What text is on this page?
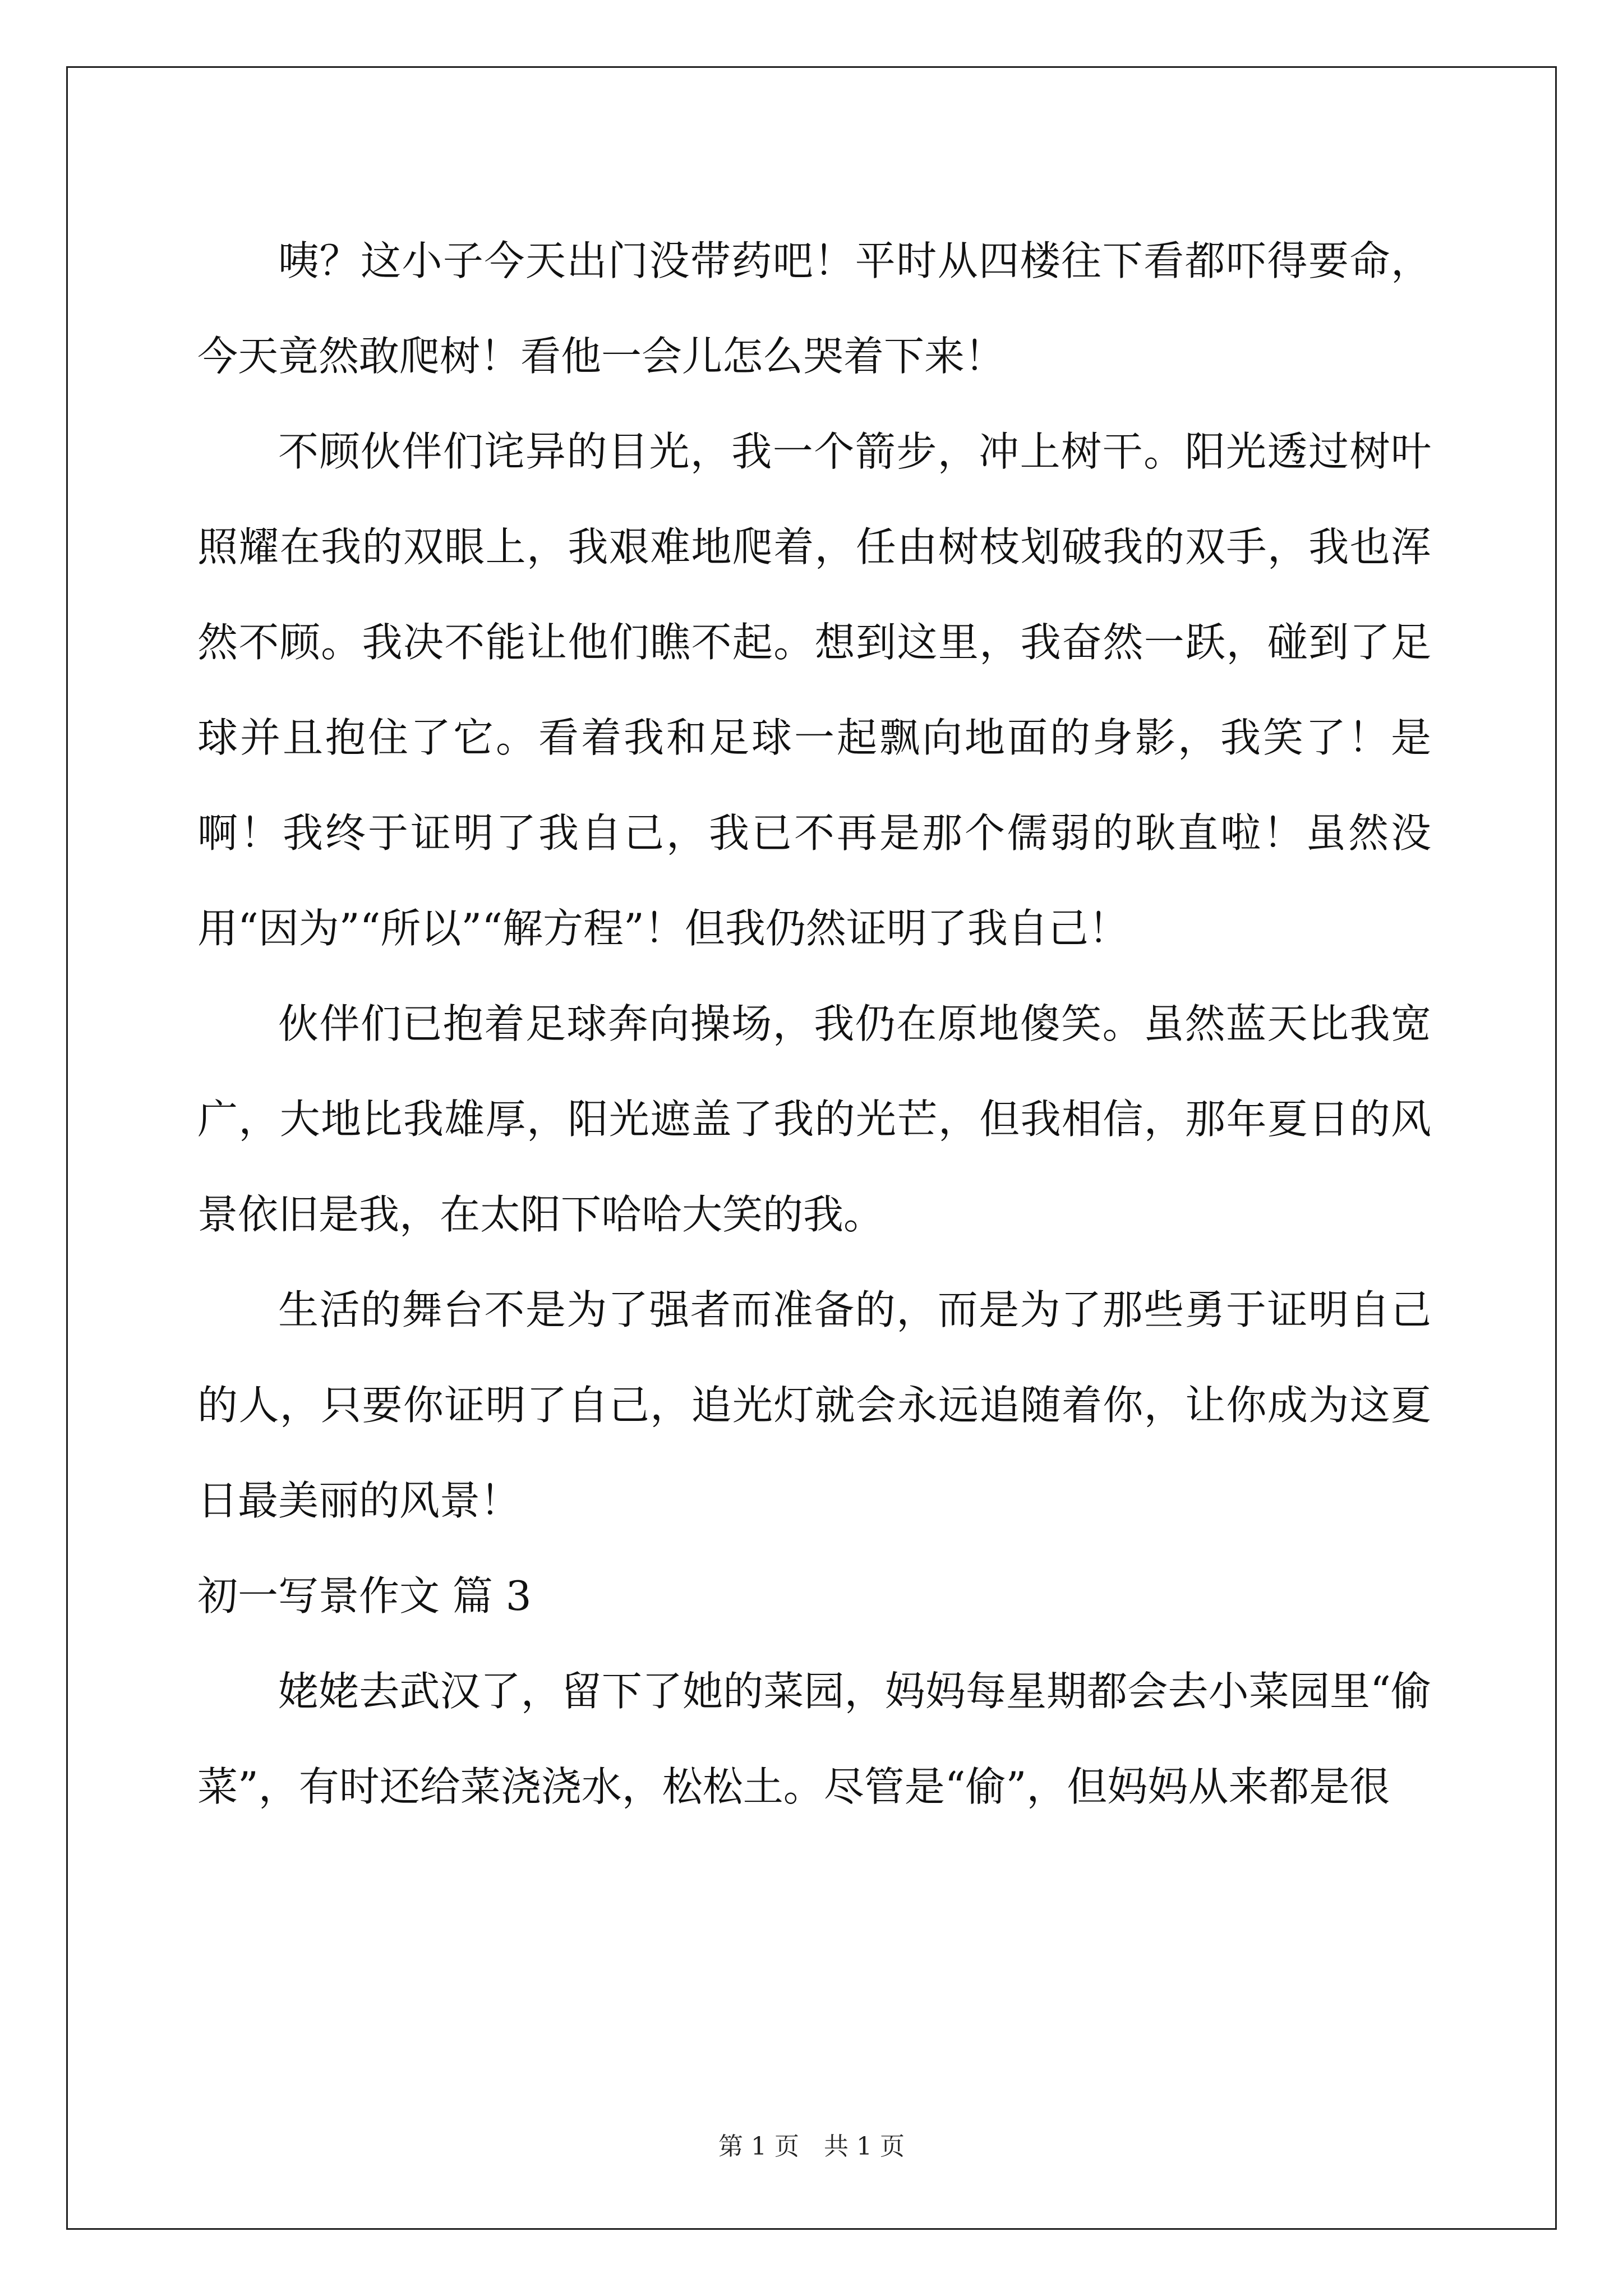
咦？这小子今天出门没带药吧！平时从四楼往下看都吓得要命，今天竟然敢爬树！看他一会儿怎么哭着下来！

不顾伙伴们诧异的目光，我一个箭步，冲上树干。阳光透过树叶照耀在我的双眼上，我艰难地爬着，任由树枝划破我的双手，我也浑然不顾。我决不能让他们瞧不起。想到这里，我奋然一跃，碰到了足球并且抱住了它。看着我和足球一起飘向地面的身影，我笑了！是啊！我终于证明了我自己，我已不再是那个儒弱的耿直啦！虽然没用“因为”“所以”“解方程”！但我仍然证明了我自己！

伙伴们已抱着足球奔向操场，我仍在原地傻笑。虽然蓝天比我宽广，大地比我雄厚，阳光遮盖了我的光芒，但我相信，那年夏日的风景依旧是我，在太阳下哈哈大笑的我。

生活的舞台不是为了强者而准备的，而是为了那些勇于证明自己的人，只要你证明了自己，追光灯就会永远追随着你，让你成为这夏日最美丽的风景！

初一写景作文 篇 3

姥姥去武汉了，留下了她的菜园，妈妈每星期都会去小菜园里“偷菜”，有时还给菜浇浇水，松松土。尽管是“偷”，但妈妈从来都是很

第 1 页　共 1 页
